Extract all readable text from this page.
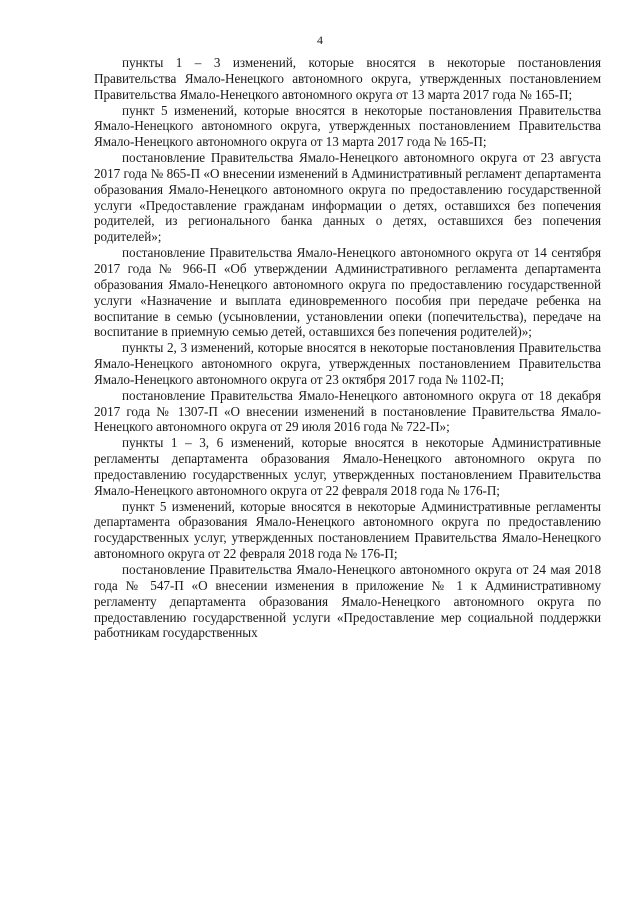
4

пункты 1 – 3 изменений, которые вносятся в некоторые постановления Правительства Ямало-Ненецкого автономного округа, утвержденных постановлением Правительства Ямало-Ненецкого автономного округа от 13 марта 2017 года № 165-П;

пункт 5 изменений, которые вносятся в некоторые постановления Правительства Ямало-Ненецкого автономного округа, утвержденных постановлением Правительства Ямало-Ненецкого автономного округа от 13 марта 2017 года № 165-П;

постановление Правительства Ямало-Ненецкого автономного округа от 23 августа 2017 года № 865-П «О внесении изменений в Административный регламент департамента образования Ямало-Ненецкого автономного округа по предоставлению государственной услуги «Предоставление гражданам информации о детях, оставшихся без попечения родителей, из регионального банка данных о детях, оставшихся без попечения родителей»;

постановление Правительства Ямало-Ненецкого автономного округа от 14 сентября 2017 года № 966-П «Об утверждении Административного регламента департамента образования Ямало-Ненецкого автономного округа по предоставлению государственной услуги «Назначение и выплата единовременного пособия при передаче ребенка на воспитание в семью (усыновлении, установлении опеки (попечительства), передаче на воспитание в приемную семью детей, оставшихся без попечения родителей)»;

пункты 2, 3 изменений, которые вносятся в некоторые постановления Правительства Ямало-Ненецкого автономного округа, утвержденных постановлением Правительства Ямало-Ненецкого автономного округа от 23 октября 2017 года № 1102-П;

постановление Правительства Ямало-Ненецкого автономного округа от 18 декабря 2017 года № 1307-П «О внесении изменений в постановление Правительства Ямало-Ненецкого автономного округа от 29 июля 2016 года № 722-П»;

пункты 1 – 3, 6 изменений, которые вносятся в некоторые Административные регламенты департамента образования Ямало-Ненецкого автономного округа по предоставлению государственных услуг, утвержденных постановлением Правительства Ямало-Ненецкого автономного округа от 22 февраля 2018 года № 176-П;

пункт 5 изменений, которые вносятся в некоторые Административные регламенты департамента образования Ямало-Ненецкого автономного округа по предоставлению государственных услуг, утвержденных постановлением Правительства Ямало-Ненецкого автономного округа от 22 февраля 2018 года № 176-П;

постановление Правительства Ямало-Ненецкого автономного округа от 24 мая 2018 года № 547-П «О внесении изменения в приложение № 1 к Административному регламенту департамента образования Ямало-Ненецкого автономного округа по предоставлению государственной услуги «Предоставление мер социальной поддержки работникам государственных
